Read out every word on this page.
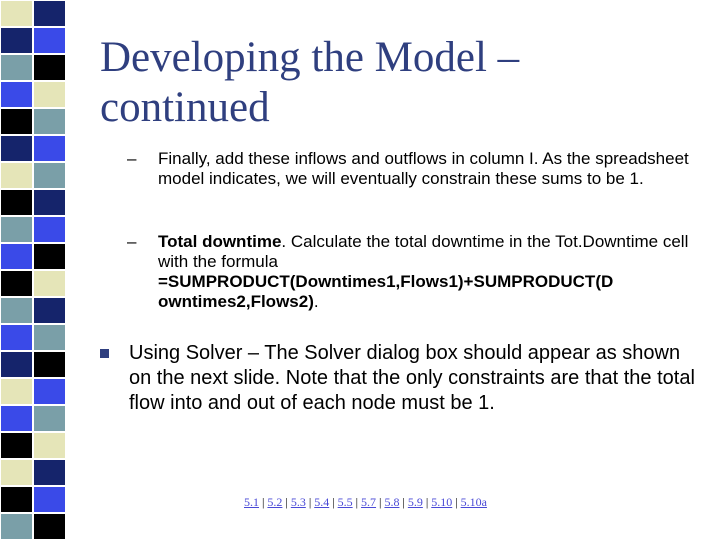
Developing the Model –
continued
– Finally, add these inflows and outflows in column I. As the spreadsheet model indicates, we will eventually constrain these sums to be 1.
– Total downtime. Calculate the total downtime in the Tot.Downtime cell with the formula
=SUMPRODUCT(Downtimes1,Flows1)+SUMPRODUCT(D
owntimes2,Flows2).
Using Solver – The Solver dialog box should appear as shown on the next slide. Note that the only constraints are that the total flow into and out of each node must be 1.
5.1 | 5.2 | 5.3 | 5.4 | 5.5 | 5.7 | 5.8 | 5.9 | 5.10 | 5.10a
